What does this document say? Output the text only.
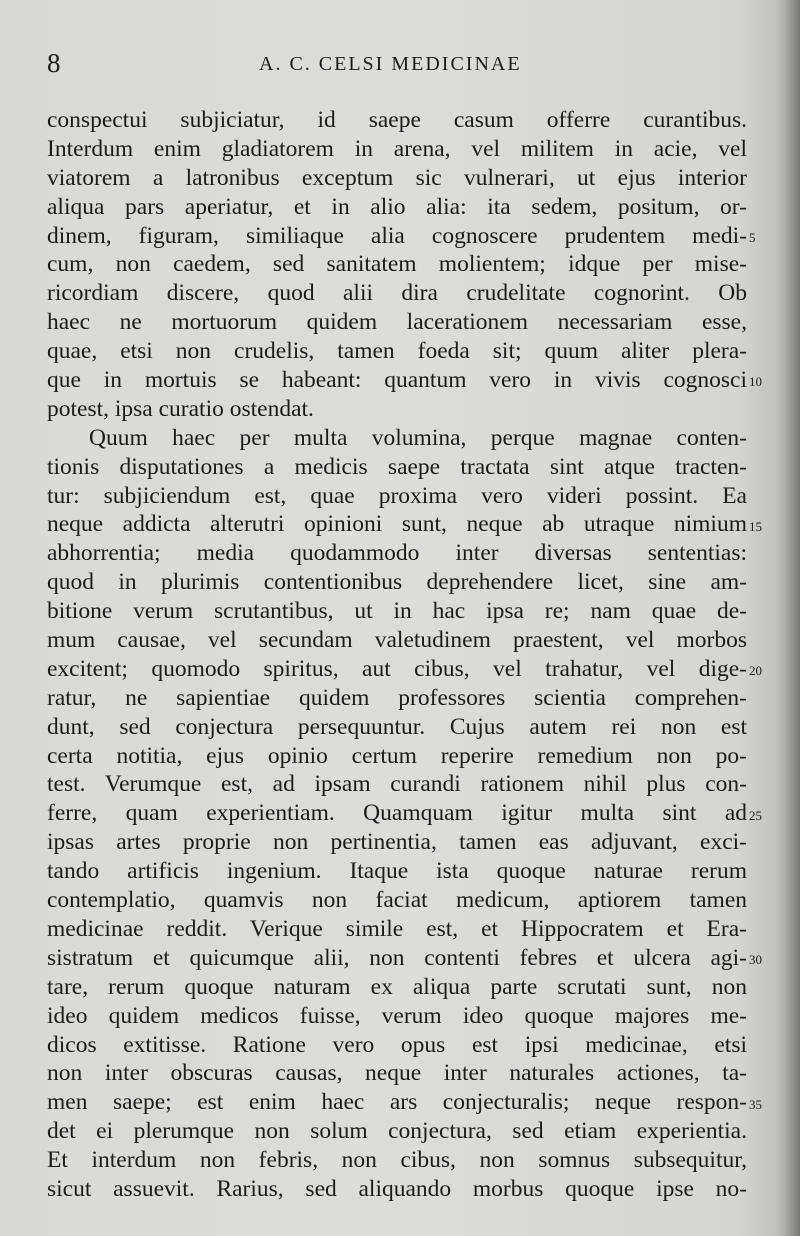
8	A. C. CELSI MEDICINAE
conspectui subjiciatur, id saepe casum offerre curantibus.
Interdum enim gladiatorem in arena, vel militem in acie, vel
viatorem a latronibus exceptum sic vulnerari, ut ejus interior
aliqua pars aperiatur, et in alio alia: ita sedem, positum, or-
dinem, figuram, similiaque alia cognoscere prudentem medi-
cum, non caedem, sed sanitatem molientem; idque per mise-
ricordiam discere, quod alii dira crudelitate cognorint. Ob
haec ne mortuorum quidem lacerationem necessariam esse,
quae, etsi non crudelis, tamen foeda sit; quum aliter plera-
que in mortuis se habeant: quantum vero in vivis cognosci
potest, ipsa curatio ostendat.
Quum haec per multa volumina, perque magnae conten-
tionis disputationes a medicis saepe tractata sint atque tracten-
tur: subjiciendum est, quae proxima vero videri possint. Ea
neque addicta alterutri opinioni sunt, neque ab utraque nimium
abhorrentia; media quodammodo inter diversas sententias:
quod in plurimis contentionibus deprehendere licet, sine am-
bitione verum scrutantibus, ut in hac ipsa re; nam quae de-
mum causae, vel secundam valetudinem praestent, vel morbos
excitent; quomodo spiritus, aut cibus, vel trahatur, vel dige-
ratur, ne sapientiae quidem professores scientia comprehen-
dunt, sed conjectura persequuntur. Cujus autem rei non est
certa notitia, ejus opinio certum reperire remedium non po-
test. Verumque est, ad ipsam curandi rationem nihil plus con-
ferre, quam experientiam. Quamquam igitur multa sint ad
ipsas artes proprie non pertinentia, tamen eas adjuvant, exci-
tando artificis ingenium. Itaque ista quoque naturae rerum
contemplatio, quamvis non faciat medicum, aptiorem tamen
medicinae reddit. Verique simile est, et Hippocratem et Era-
sistratum et quicumque alii, non contenti febres et ulcera agi-
tare, rerum quoque naturam ex aliqua parte scrutati sunt, non
ideo quidem medicos fuisse, verum ideo quoque majores me-
dicos extitisse. Ratione vero opus est ipsi medicinae, etsi
non inter obscuras causas, neque inter naturales actiones, ta-
men saepe; est enim haec ars conjecturalis; neque respon-
det ei plerumque non solum conjectura, sed etiam experientia.
Et interdum non febris, non cibus, non somnus subsequitur,
sicut assuevit. Rarius, sed aliquando morbus quoque ipse no-
5
10
15
20
25
30
35
